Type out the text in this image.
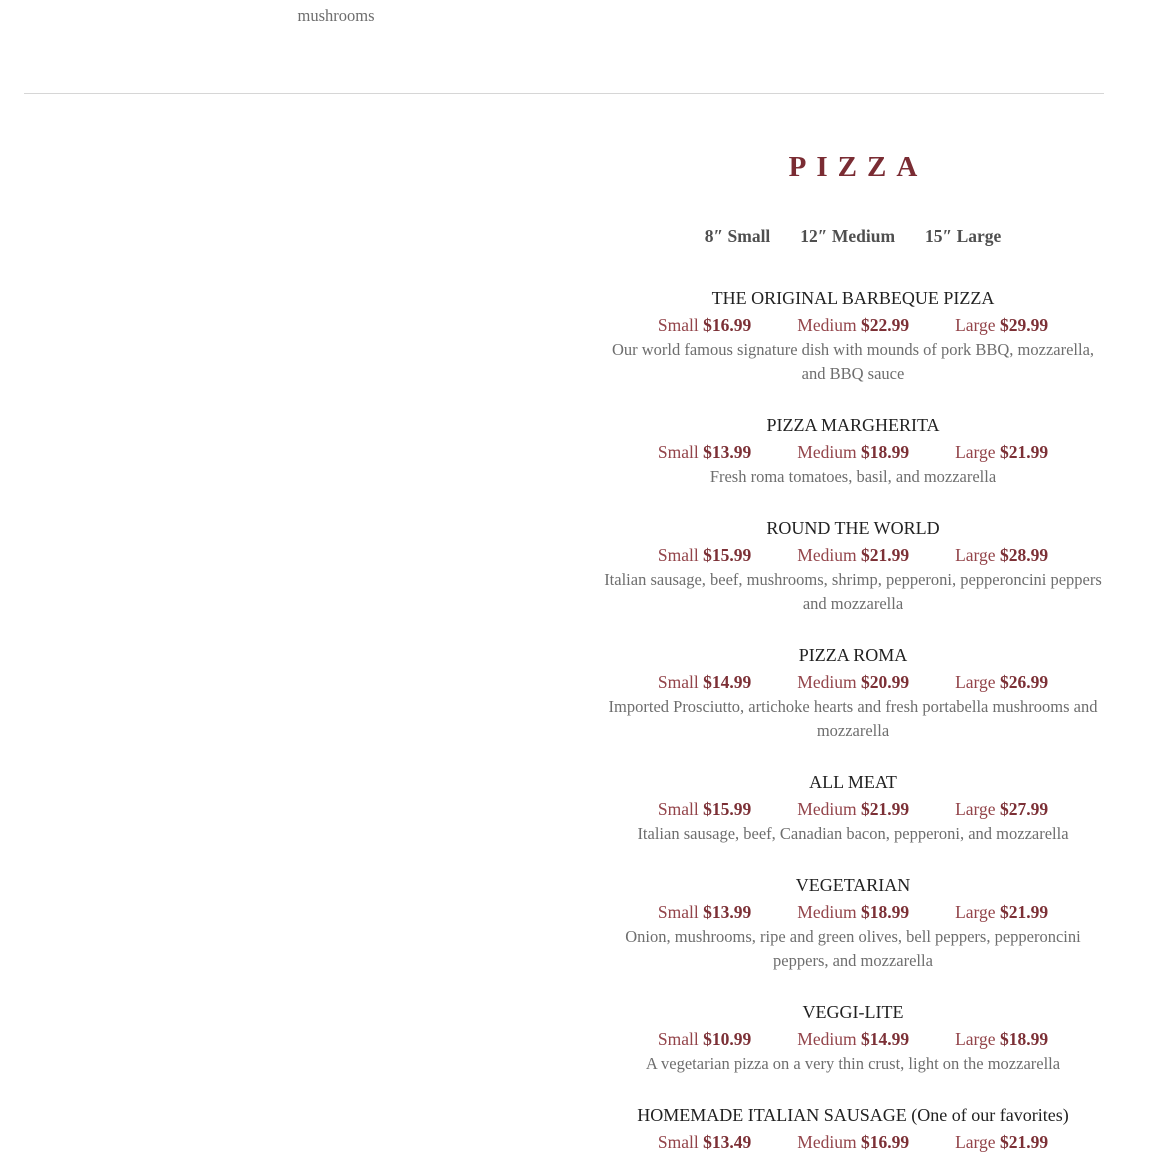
mushrooms
PIZZA
8″ Small 12″ Medium 15″ Large
THE ORIGINAL BARBEQUE PIZZA
Small $16.99	Medium $22.99	Large $29.99

Our world famous signature dish with mounds of pork BBQ, mozzarella, and BBQ sauce

PIZZA MARGHERITA
Small $13.99	Medium $18.99	Large $21.99

Fresh roma tomatoes, basil, and mozzarella

ROUND THE WORLD
Small $15.99	Medium $21.99	Large $28.99

Italian sausage, beef, mushrooms, shrimp, pepperoni, pepperoncini peppers and mozzarella

PIZZA ROMA
Small $14.99	Medium $20.99	Large $26.99

Imported Prosciutto, artichoke hearts and fresh portabella mushrooms and mozzarella

ALL MEAT
Small $15.99	Medium $21.99	Large $27.99

Italian sausage, beef, Canadian bacon, pepperoni, and mozzarella

VEGETARIAN
Small $13.99	Medium $18.99	Large $21.99

Onion, mushrooms, ripe and green olives, bell peppers, pepperoncini peppers, and mozzarella

VEGGI-LITE
Small $10.99	Medium $14.99	Large $18.99

A vegetarian pizza on a very thin crust, light on the mozzarella

HOMEMADE ITALIAN SAUSAGE (One of our favorites)
Small $13.49	Medium $16.99	Large $21.99
